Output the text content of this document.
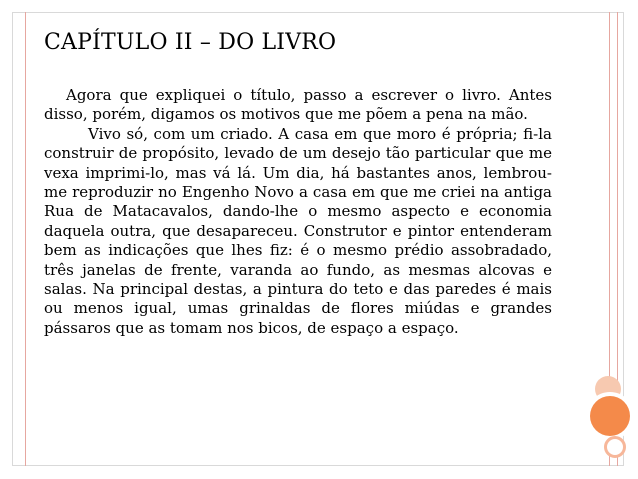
CAPÍTULO II – DO LIVRO

Agora que expliquei o título, passo a escrever o livro. Antes disso, porém, digamos os motivos que me põem a pena na mão.

Vivo só, com um criado. A casa em que moro é própria; fi-la construir de propósito, levado de um desejo tão particular que me vexa imprimi-lo, mas vá lá. Um dia, há bastantes anos, lembrou-me reproduzir no Engenho Novo a casa em que me criei na antiga Rua de Matacavalos, dando-lhe o mesmo aspecto e economia daquela outra, que desapareceu. Construtor e pintor entenderam bem as indicações que lhes fiz: é o mesmo prédio assobradado, três janelas de frente, varanda ao fundo, as mesmas alcovas e salas. Na principal destas, a pintura do teto e das paredes é mais ou menos igual, umas grinaldas de flores miúdas e grandes pássaros que as tomam nos bicos, de espaço a espaço.
